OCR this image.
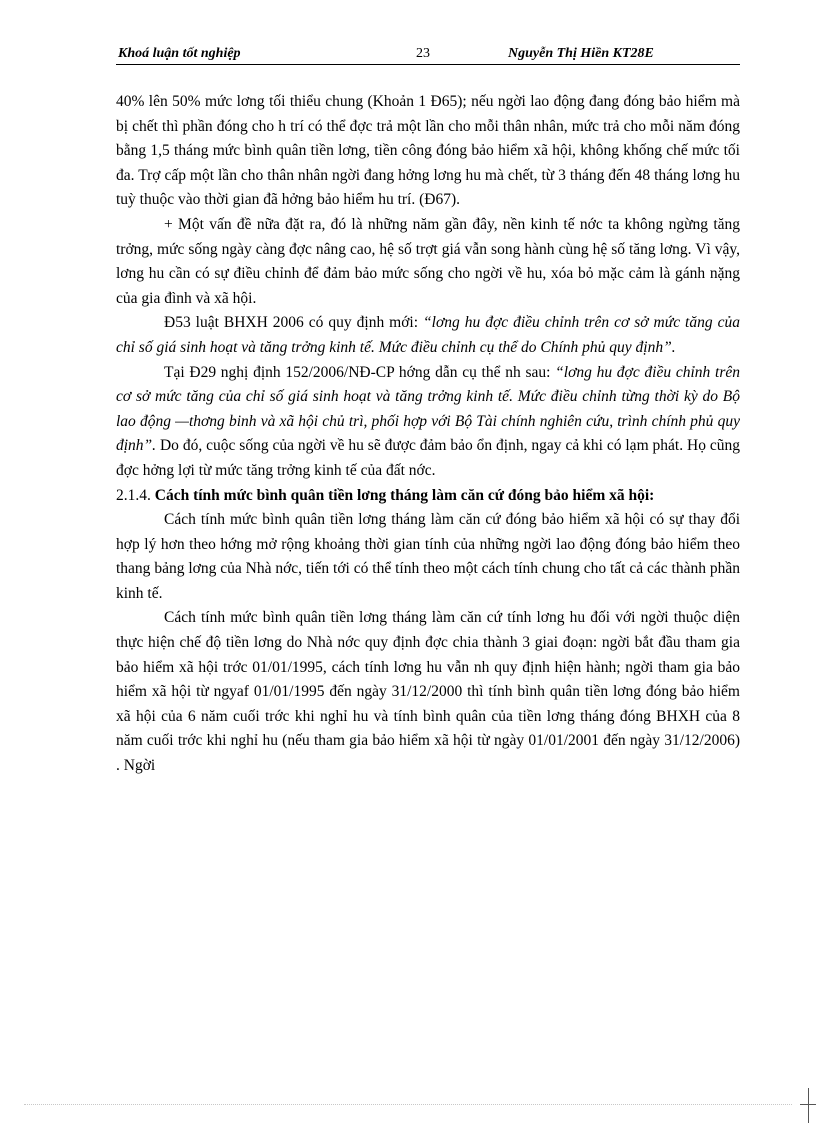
Khoá luận tốt nghiệp	23	Nguyễn Thị Hiền KT28E

40% lên 50% mức lơng tối thiểu chung (Khoản 1 Đ65); nếu ngời lao động đang đóng bảo hiểm mà bị chết thì phần đóng cho h trí có thể đợc trả một lần cho mỗi thân nhân, mức trả cho mỗi năm đóng bằng 1,5 tháng mức bình quân tiền lơng, tiền công đóng bảo hiểm xã hội, không khống chế mức tối đa. Trợ cấp một lần cho thân nhân ngời đang hởng lơng hu mà chết, từ 3 tháng đến 48 tháng lơng hu tuỳ thuộc vào thời gian đã hởng bảo hiểm hu trí. (Đ67).

+ Một vấn đề nữa đặt ra, đó là những năm gần đây, nền kinh tế nớc ta không ngừng tăng trởng, mức sống ngày càng đợc nâng cao, hệ số trợt giá vẫn song hành cùng hệ số tăng lơng. Vì vậy, lơng hu cần có sự điều chỉnh để đảm bảo mức sống cho ngời về hu, xóa bỏ mặc cảm là gánh nặng của gia đình và xã hội.

Đ53 luật BHXH 2006 có quy định mới: “lơng hu đợc điều chỉnh trên cơ sở mức tăng của chỉ số giá sinh hoạt và tăng trởng kinh tế. Mức điều chỉnh cụ thể do Chính phủ quy định”.

Tại Đ29 nghị định 152/2006/NĐ-CP hớng dẫn cụ thể nh sau: “lơng hu đợc điều chỉnh trên cơ sở mức tăng của chỉ số giá sinh hoạt và tăng trởng kinh tế. Mức điều chỉnh từng thời kỳ do Bộ lao động —thơng binh và xã hội chủ trì, phối hợp với Bộ Tài chính nghiên cứu, trình chính phủ quy định”. Do đó, cuộc sống của ngời về hu sẽ được đảm bảo ổn định, ngay cả khi có lạm phát. Họ cũng đợc hởng lợi từ mức tăng trởng kinh tế của đất nớc.

2.1.4. Cách tính mức bình quân tiền lơng tháng làm căn cứ đóng bảo hiểm xã hội:

Cách tính mức bình quân tiền lơng tháng làm căn cứ đóng bảo hiểm xã hội có sự thay đổi hợp lý hơn theo hớng mở rộng khoảng thời gian tính của những ngời lao động đóng bảo hiểm theo thang bảng lơng của Nhà nớc, tiến tới có thể tính theo một cách tính chung cho tất cả các thành phần kinh tế.

Cách tính mức bình quân tiền lơng tháng làm căn cứ tính lơng hu đối với ngời thuộc diện thực hiện chế độ tiền lơng do Nhà nớc quy định đợc chia thành 3 giai đoạn: ngời bắt đầu tham gia bảo hiểm xã hội trớc 01/01/1995, cách tính lơng hu vẫn nh quy định hiện hành; ngời tham gia bảo hiểm xã hội từ ngyaf 01/01/1995 đến ngày 31/12/2000 thì tính bình quân tiền lơng đóng bảo hiểm xã hội của 6 năm cuối trớc khi nghỉ hu và tính bình quân của tiền lơng tháng đóng BHXH của 8 năm cuối trớc khi nghỉ hu (nếu tham gia bảo hiểm xã hội từ ngày 01/01/2001 đến ngày 31/12/2006) . Ngời
